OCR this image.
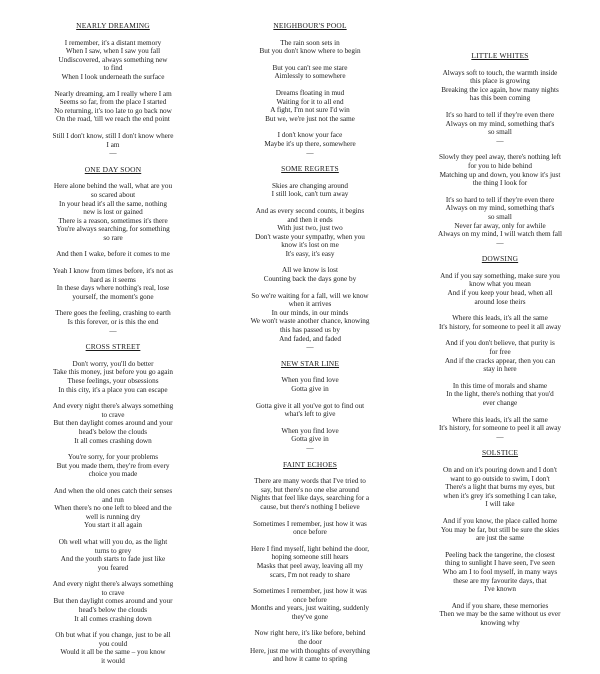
NEARLY DREAMING
I remember, it's a distant memory
When I saw, when I saw you fall
Undiscovered, always something new
to find
When I look underneath the surface
Nearly dreaming, am I really where I am
Seems so far, from the place I started
No returning, it's too late to go back now
On the road, 'till we reach the end point
Still I don't know, still I don't know where
I am
—
ONE DAY SOON
Here alone behind the wall, what are you
so scared about
In your head it's all the same, nothing
new is lost or gained
There is a reason, sometimes it's there
You're always searching, for something
so rare
And then I wake, before it comes to me
Yeah I know from times before, it's not as
hard as it seems
In these days where nothing's real, lose
yourself, the moment's gone
There goes the feeling, crashing to earth
Is this forever, or is this the end
—
CROSS STREET
Don't worry, you'll do better
Take this money, just before you go again
These feelings, your obsessions
In this city, it's a place you can escape
And every night there's always something
to crave
But then daylight comes around and your
head's below the clouds
It all comes crashing down
You're sorry, for your problems
But you made them, they're from every
choice you made
And when the old ones catch their senses
and run
When there's no one left to bleed and the
well is running dry
You start it all again
Oh well what will you do, as the light
turns to grey
And the youth starts to fade just like
you feared
And every night there's always something
to crave
But then daylight comes around and your
head's below the clouds
It all comes crashing down
Oh but what if you change, just to be all
you could
Would it all be the same – you know
it would
NEIGHBOUR'S POOL
The rain soon sets in
But you don't know where to begin
But you can't see me stare
Aimlessly to somewhere
Dreams floating in mud
Waiting for it to all end
A fight, I'm not sure I'd win
But we, we're just not the same
I don't know your face
Maybe it's up there, somewhere
—
SOME REGRETS
Skies are changing around
I still look, can't turn away
And as every second counts, it begins
and then it ends
With just two, just two
Don't waste your sympathy, when you
know it's lost on me
It's easy, it's easy
All we know is lost
Counting back the days gone by
So we're waiting for a fall, will we know
when it arrives
In our minds, in our minds
We won't waste another chance, knowing
this has passed us by
And faded, and faded
—
NEW STAR LINE
When you find love
Gotta give in
Gotta give it all you've got to find out
what's left to give
When you find love
Gotta give in
—
FAINT ECHOES
There are many words that I've tried to
say, but there's no one else around
Nights that feel like days, searching for a
cause, but there's nothing I believe
Sometimes I remember, just how it was
once before
Here I find myself, light behind the door,
hoping someone still hears
Masks that peel away, leaving all my
scars, I'm not ready to share
Sometimes I remember, just how it was
once before
Months and years, just waiting, suddenly
they've gone
Now right here, it's like before, behind
the door
Here, just me with thoughts of everything
and how it came to spring
LITTLE WHITES
Always soft to touch, the warmth inside
this place is growing
Breaking the ice again, how many nights
has this been coming
It's so hard to tell if they're even there
Always on my mind, something that's
so small
—
Slowly they peel away, there's nothing left
for you to hide behind
Matching up and down, you know it's just
the thing I look for
It's so hard to tell if they're even there
Always on my mind, something that's
so small
Never far away, only for awhile
Always on my mind, I will watch them fall
—
DOWSING
And if you say something, make sure you
know what you mean
And if you keep your head, when all
around lose theirs
Where this leads, it's all the same
It's history, for someone to peel it all away
And if you don't believe, that purity is
for free
And if the cracks appear, then you can
stay in here
In this time of morals and shame
In the light, there's nothing that you'd
ever change
Where this leads, it's all the same
It's history, for someone to peel it all away
—
SOLSTICE
On and on it's pouring down and I don't
want to go outside to swim, I don't
There's a light that burns my eyes, but
when it's grey it's something I can take,
I will take
And if you know, the place called home
You may be far, but still be sure the skies
are just the same
Peeling back the tangerine, the closest
thing to sunlight I have seen, I've seen
Who am I to fool myself, in many ways
these are my favourite days, that
I've known
And if you share, these memories
Then we may be the same without us ever
knowing why
